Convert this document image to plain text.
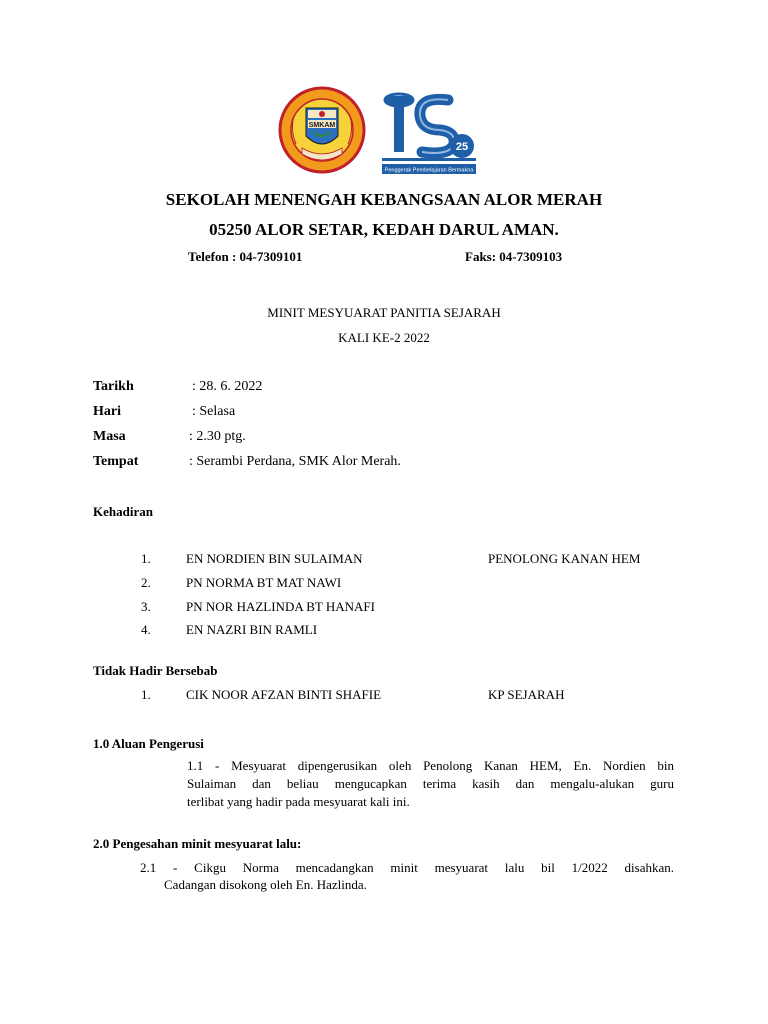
SMKAM
25
Penggerak Pembelajaran Bermakna
SEKOLAH MENENGAH KEBANGSAAN ALOR MERAH
05250 ALOR SETAR, KEDAH DARUL AMAN.
Telefon : 04-7309101	Faks: 04-7309103
MINIT MESYUARAT PANITIA SEJARAH
KALI KE-2 2022
Tarikh	: 28. 6. 2022
Hari	: Selasa
Masa	: 2.30 ptg.
Tempat	: Serambi Perdana, SMK Alor Merah.
Kehadiran
1.	EN NORDIEN BIN SULAIMAN	PENOLONG KANAN HEM
2.	PN NORMA BT MAT NAWI
3.	PN NOR HAZLINDA BT HANAFI
4.	EN NAZRI BIN RAMLI
Tidak Hadir Bersebab
1.	CIK NOOR AFZAN BINTI SHAFIE	KP SEJARAH
1.0 Aluan Pengerusi
1.1 - Mesyuarat dipengerusikan oleh Penolong Kanan HEM, En. Nordien bin
Sulaiman dan beliau mengucapkan terima kasih dan mengalu-alukan guru
terlibat yang hadir pada mesyuarat kali ini.
2.0 Pengesahan minit mesyuarat lalu:
2.1 - Cikgu Norma mencadangkan minit mesyuarat lalu bil 1/2022 disahkan.
Cadangan disokong oleh En. Hazlinda.
